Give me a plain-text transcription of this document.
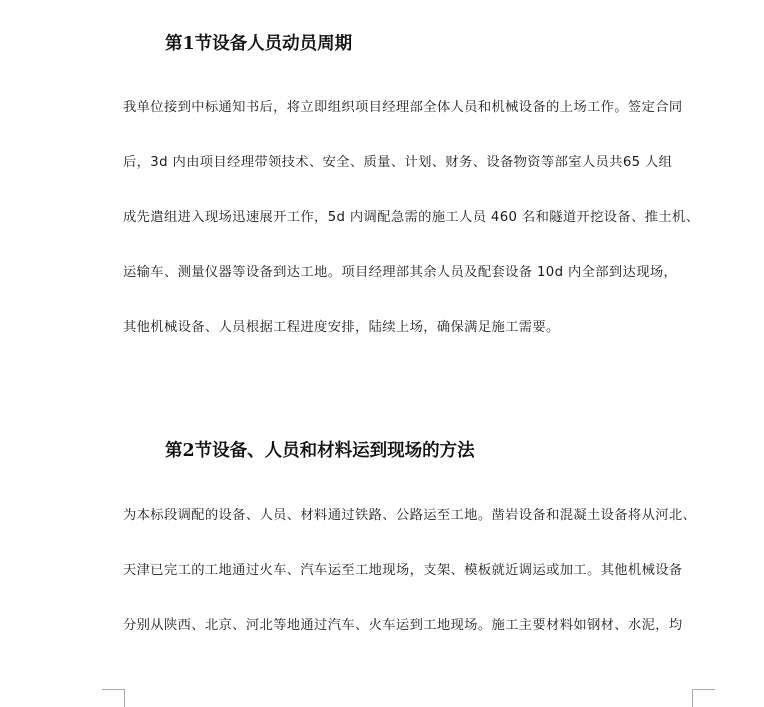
第1节设备人员动员周期
我单位接到中标通知书后，将立即组织项目经理部全体人员和机械设备的上场工作。签定合同
后，3d 内由项目经理带领技术、安全、质量、计划、财务、设备物资等部室人员共65 人组
成先遣组进入现场迅速展开工作，5d 内调配急需的施工人员 460 名和隧道开挖设备、推土机、
运输车、测量仪器等设备到达工地。项目经理部其余人员及配套设备 10d 内全部到达现场，
其他机械设备、人员根据工程进度安排，陆续上场，确保满足施工需要。
第2节设备、人员和材料运到现场的方法
为本标段调配的设备、人员、材料通过铁路、公路运至工地。凿岩设备和混凝土设备将从河北、
天津已完工的工地通过火车、汽车运至工地现场，支架、模板就近调运或加工。其他机械设备
分别从陕西、北京、河北等地通过汽车、火车运到工地现场。施工主要材料如钢材、水泥，均
